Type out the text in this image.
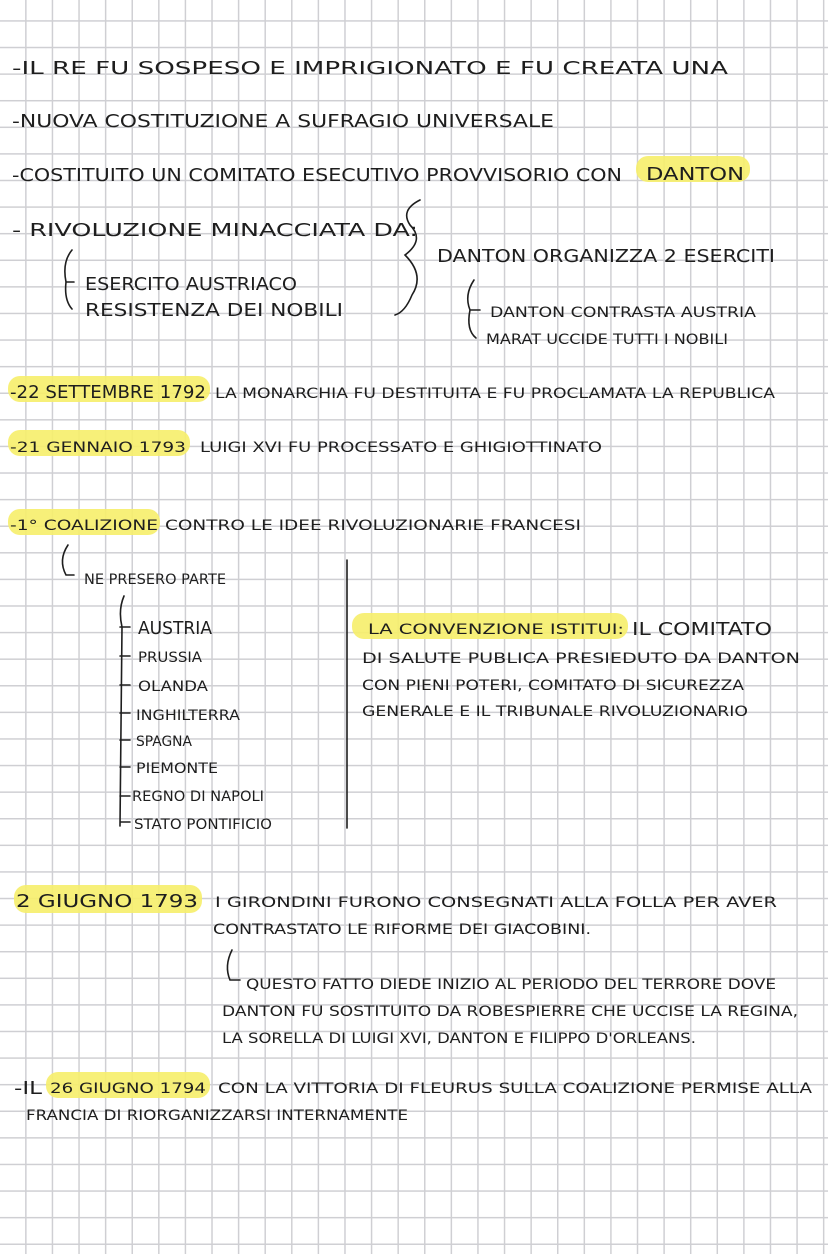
-IL RE FU SOSPESO E IMPRIGIONATO E FU CREATA UNA
-NUOVA COSTITUZIONE A SUFRAGIO UNIVERSALE
-COSTITUITO UN COMITATO ESECUTIVO PROVVISORIO CON DANTON
- RIVOLUZIONE MINACCIATA DA:
ESERCITO AUSTRIACO
RESISTENZA DEI NOBILI
DANTON ORGANIZZA 2 ESERCITI
DANTON CONTRASTA AUSTRIA
MARAT UCCIDE TUTTI I NOBILI
-22 SETTEMBRE 1792 LA MONARCHIA FU DESTITUITA E FU PROCLAMATA LA REPUBLICA
-21 GENNAIO 1793 LUIGI XVI FU PROCESSATO E GHIGIOTTINATO
-1° COALIZIONE CONTRO LE IDEE RIVOLUZIONARIE FRANCESI
NE PRESERO PARTE
AUSTRIA
PRUSSIA
OLANDA
INGHILTERRA
SPAGNA
PIEMONTE
REGNO DI NAPOLI
STATO PONTIFICIO
LA CONVENZIONE ISTITUI: IL COMITATO
DI SALUTE PUBLICA PRESIEDUTO DA DANTON
CON PIENI POTERI, COMITATO DI SICUREZZA
GENERALE E IL TRIBUNALE RIVOLUZIONARIO
2 GIUGNO 1793 I GIRONDINI FURONO CONSEGNATI ALLA FOLLA PER AVER
CONTRASTATO LE RIFORME DEI GIACOBINI.
QUESTO FATTO DIEDE INIZIO AL PERIODO DEL TERRORE DOVE
DANTON FU SOSTITUITO DA ROBESPIERRE CHE UCCISE LA REGINA,
LA SORELLA DI LUIGI XVI, DANTON E FILIPPO D'ORLEANS.
-IL 26 GIUGNO 1794 CON LA VITTORIA DI FLEURUS SULLA COALIZIONE PERMISE ALLA
FRANCIA DI RIORGANIZZARSI INTERNAMENTE
